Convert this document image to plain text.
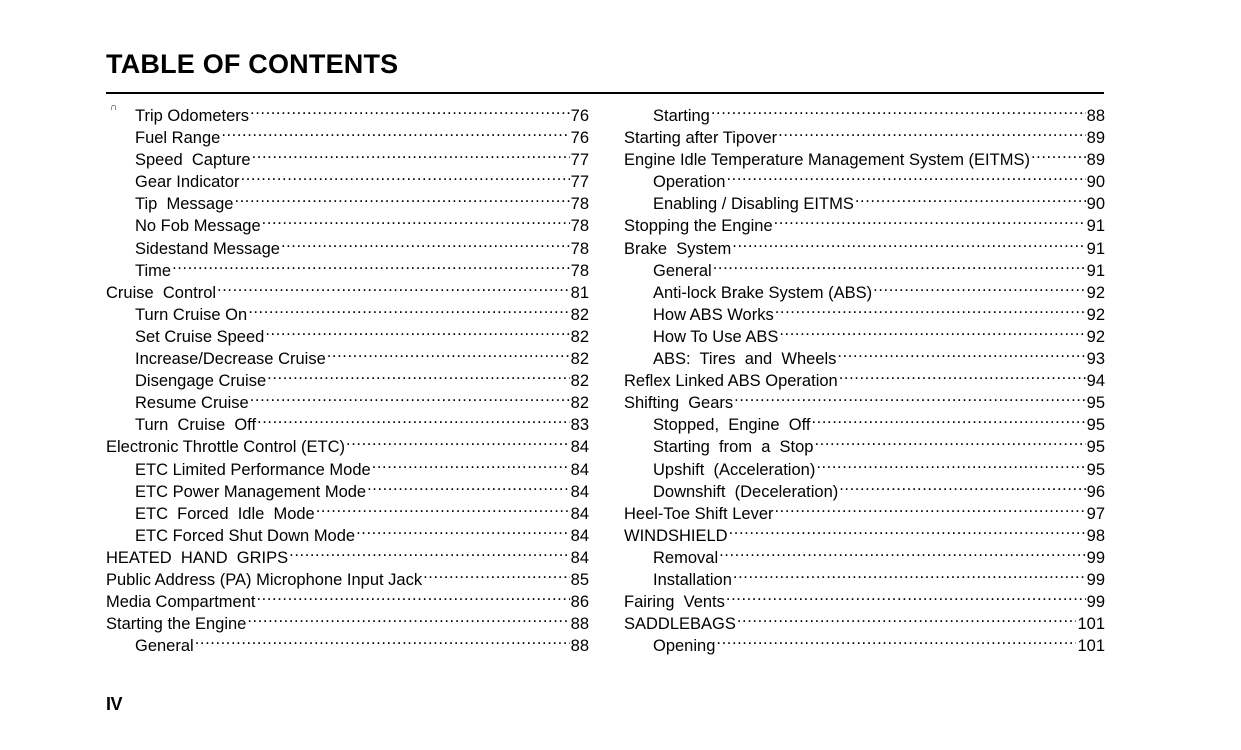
TABLE OF CONTENTS
∩ Trip Odometers .....	76
Fuel Range .....	76
Speed  Capture .....	77
Gear Indicator .....	77
Tip  Message .....	78
No Fob Message .....	78
Sidestand Message .....	78
Time .....	78
Cruise  Control .....	81
Turn Cruise On .....	82
Set Cruise Speed .....	82
Increase/Decrease Cruise .....	82
Disengage Cruise .....	82
Resume Cruise .....	82
Turn  Cruise  Off .....	83
Electronic Throttle Control (ETC) .....	84
ETC Limited Performance Mode .....	84
ETC Power Management Mode .....	84
ETC  Forced  Idle  Mode .....	84
ETC Forced Shut Down Mode .....	84
HEATED  HAND  GRIPS .....	84
Public Address (PA) Microphone Input Jack .....	85
Media Compartment .....	86
Starting the Engine .....	88
General .....	88
Starting .....	88
Starting after Tipover .....	89
Engine Idle Temperature Management System (EITMS) .....	89
Operation .....	90
Enabling / Disabling EITMS .....	90
Stopping the Engine .....	91
Brake  System .....	91
General .....	91
Anti-lock Brake System (ABS) .....	92
How ABS Works .....	92
How To Use ABS .....	92
ABS:  Tires  and  Wheels .....	93
Reflex Linked ABS Operation .....	94
Shifting  Gears .....	95
Stopped,  Engine  Off .....	95
Starting  from  a  Stop .....	95
Upshift  (Acceleration) .....	95
Downshift  (Deceleration) .....	96
Heel-Toe Shift Lever .....	97
WINDSHIELD .....	98
Removal .....	99
Installation .....	99
Fairing  Vents .....	99
SADDLEBAGS .....	101
Opening .....	101
IV
